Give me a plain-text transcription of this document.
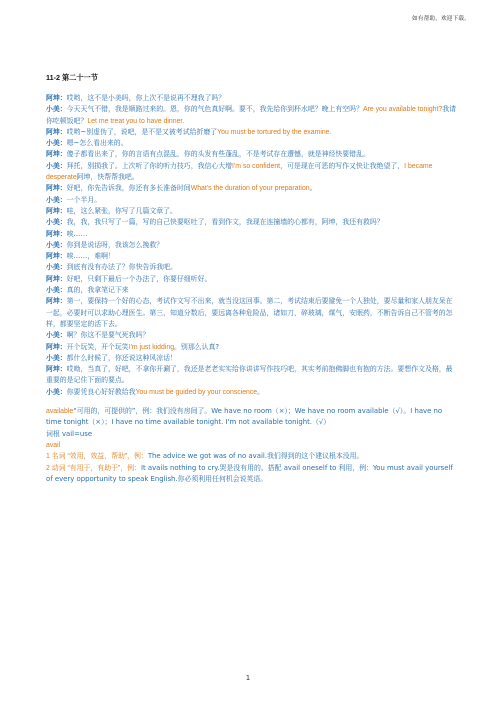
如有帮助，欢迎下载。
11-2 第二十一节

阿坤：哎哟，这不是小美吗，你上次不是说再不理我了吗？

小美：今天天气不错，我是顺路过来的。恩，你的气色真好啊。要不，我先给你到杯水吧？晚上有空吗？Are you available tonight?我请你吃顿饭吧？Let me treat you to have dinner.

阿坤：哎哟~别虚伪了，说吧，是不是又被考试给折磨了You must be tortured by the examine.

小美：嗯~怎么看出来的。

阿坤：傻子都看出来了，你的言语有点混乱，你的头发有些蓬乱，不是考试存在遭憾，就是神经快要错乱。

小美：拜托，别损我了。上次听了你的听力技巧，我信心大增I'm so confident，可是现在可恶的写作又快让我绝望了，I became desperate阿坤，快帮帮我吧。

阿坤：好吧，你先告诉我，你还有多长准备时间What's the duration of your preparation。

小美：一个半月。

阿坤：哇，这么紧张，你写了几篇文章了。

小美：我，我，我只写了一篇，写的自己快要呕吐了，看到作文，我现在连撞墙的心都有，阿坤，我还有救吗？

阿坤：唉……

小美：你到是说话呀，我该怎么挽救？

阿坤：唉……，难啊！

小美：到底有没有办法了？你快告诉我吧。

阿坤：好吧，只剩下最后一个办法了，你要仔细听好。

小美：真的，我拿笔记下来

阿坤：第一，要保持一个好的心态，考试作文写不出来，就当没这回事。第二，考试结束后要避免一个人独处，要尽量和家人朋友呆在一起，必要时可以求助心理医生。第三，知道分数后，要远离各种危险品，诸如刀，碎玻璃，煤气，安眠药，不断告诉自己不管考的怎样，都要坚定的活下去。

小美：啊？你这不是要气死我吗？

阿坤：开个玩笑，开个玩笑I'm just kidding。别那么认真?

小美：都什么时候了，你还说这种风凉话！

阿坤：哎呦，当真了，好吧，不拿你开涮了，我还是老老实实给你讲讲写作技巧吧，其实考前抱佛脚也有抱的方法。要想作文及格，最重要的是记住下面的要点。

小美：你要凭良心好好教给我You must be guided by your conscience。

available“可用的，可提供的”，例：我们没有房间了。We have no room（×）；We have no room available（√）。I have no time tonight（×）；I have no time available tonight. I'm not available tonight.（√）

词根 vail=use

avail

1 名词 “效用，效益，帮助”，例：The advice we got was of no avail.我们得到的这个建议根本没用。

2 动词 “有用于，有助于”，例：It avails nothing to cry.哭是没有用的。搭配 avail oneself to 利用，例：You must avail yourself of every opportunity to speak English.你必须利用任何机会说英语。

1
